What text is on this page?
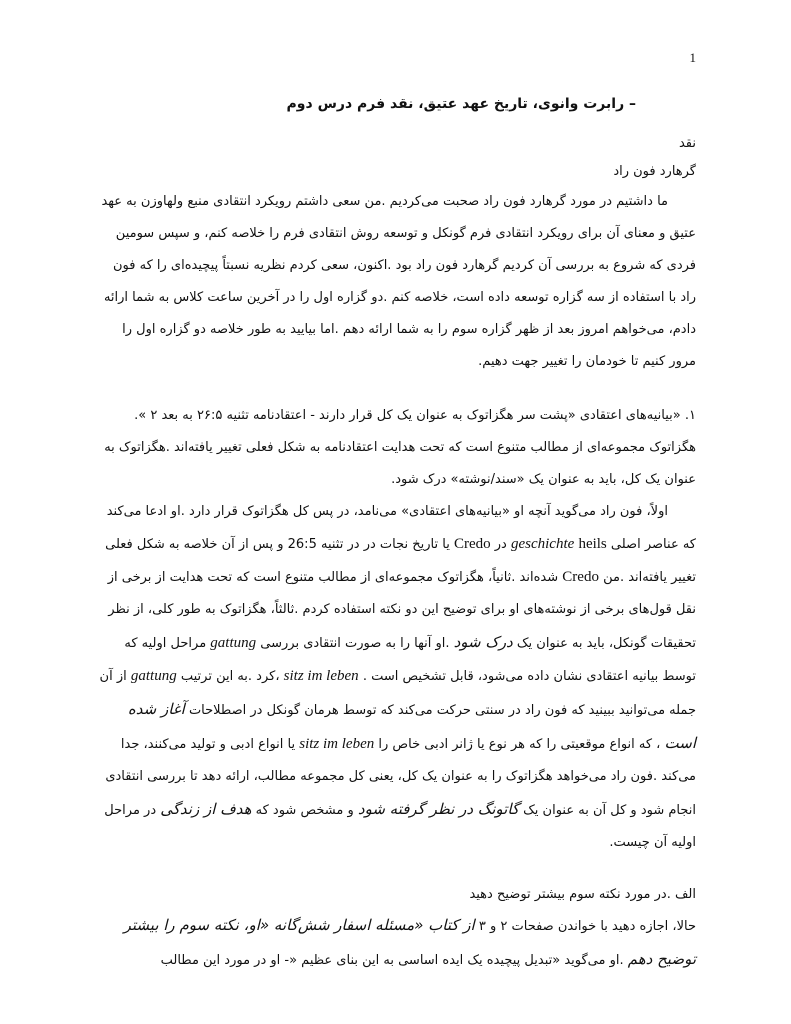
1

– رابرت وانوی، تاریخ عهد عتیق، نقد فرم درس دوم

نقد

گرهارد فون راد

ما داشتیم در مورد گرهارد فون راد صحبت می‌کردیم .من سعی داشتم رویکرد انتقادی منبع ولهاوزن به عهد عتیق و معنای آن برای رویکرد انتقادی فرم گونکل و توسعه روش انتقادی فرم را خلاصه کنم، و سپس سومین فردی که شروع به بررسی آن کردیم گرهارد فون راد بود .اکنون، سعی کردم نظریه نسبتاً پیچیده‌ای را که فون راد با استفاده از سه گزاره توسعه داده است، خلاصه کنم .دو گزاره اول را در آخرین ساعت کلاس به شما ارائه دادم، می‌خواهم امروز بعد از ظهر گزاره سوم را به شما ارائه دهم .اما بیایید به طور خلاصه دو گزاره اول را مرور کنیم تا خودمان را تغییر جهت دهیم.

۱. «بیانیه‌های اعتقادی «پشت سر هگزاتوک به عنوان یک کل قرار دارند - اعتقادنامه تثنیه ۲۶:۵ به بعد ۲ ». هگزاتوک مجموعه‌ای از مطالب متنوع است که تحت هدایت اعتقادنامه به شکل فعلی تغییر یافته‌اند .هگزاتوک به عنوان یک کل، باید به عنوان یک «سند/نوشته» درک شود.

اولاً، فون راد می‌گوید آنچه او «بیانیه‌های اعتقادی» می‌نامد، در پس کل هگزاتوک قرار دارد .او ادعا می‌کند که عناصر اصلی heils geschichte در Credo یا تاریخ نجات در در تثنیه 26:5 و پس از آن خلاصه به شکل فعلی تغییر یافته‌اند .من Credo شده‌اند .ثانیاً، هگزاتوک مجموعه‌ای از مطالب متنوع است که تحت هدایت از برخی از نقل قول‌های برخی از نوشته‌های او برای توضیح این دو نکته استفاده کردم .ثالثاً، هگزاتوک به طور کلی، از نظر تحقیقات گونکل، باید به عنوان یک درک شود .او آنها را به صورت انتقادی بررسی gattung مراحل اولیه که توسط بیانیه اعتقادی نشان داده می‌شود، قابل تشخیص است . sitz im leben ،کرد .به این ترتیب gattung از آن جمله می‌توانید ببینید که فون راد در سنتی حرکت می‌کند که توسط هرمان گونکل در اصطلاحات آغاز شده است ، که انواع موقعیتی را که هر نوع یا ژانر ادبی خاص را sitz im leben یا انواع ادبی و تولید می‌کنند، جدا می‌کند .فون راد می‌خواهد هگزاتوک را به عنوان یک کل، یعنی کل مجموعه مطالب، ارائه دهد تا بررسی انتقادی انجام شود و کل آن به عنوان یک گاتونگ در نظر گرفته شود و مشخص شود که هدف از زندگی در مراحل اولیه آن چیست.

الف .در مورد نکته سوم بیشتر توضیح دهید

حالا، اجازه دهید با خواندن صفحات ۲ و ۳ از کتاب «مسئله اسفار شش‌گانه «او، نکته سوم را بیشتر توضیح دهم .او می‌گوید «تبدیل پیچیده یک ایده اساسی به این بنای عظیم «- او در مورد این مطالب
